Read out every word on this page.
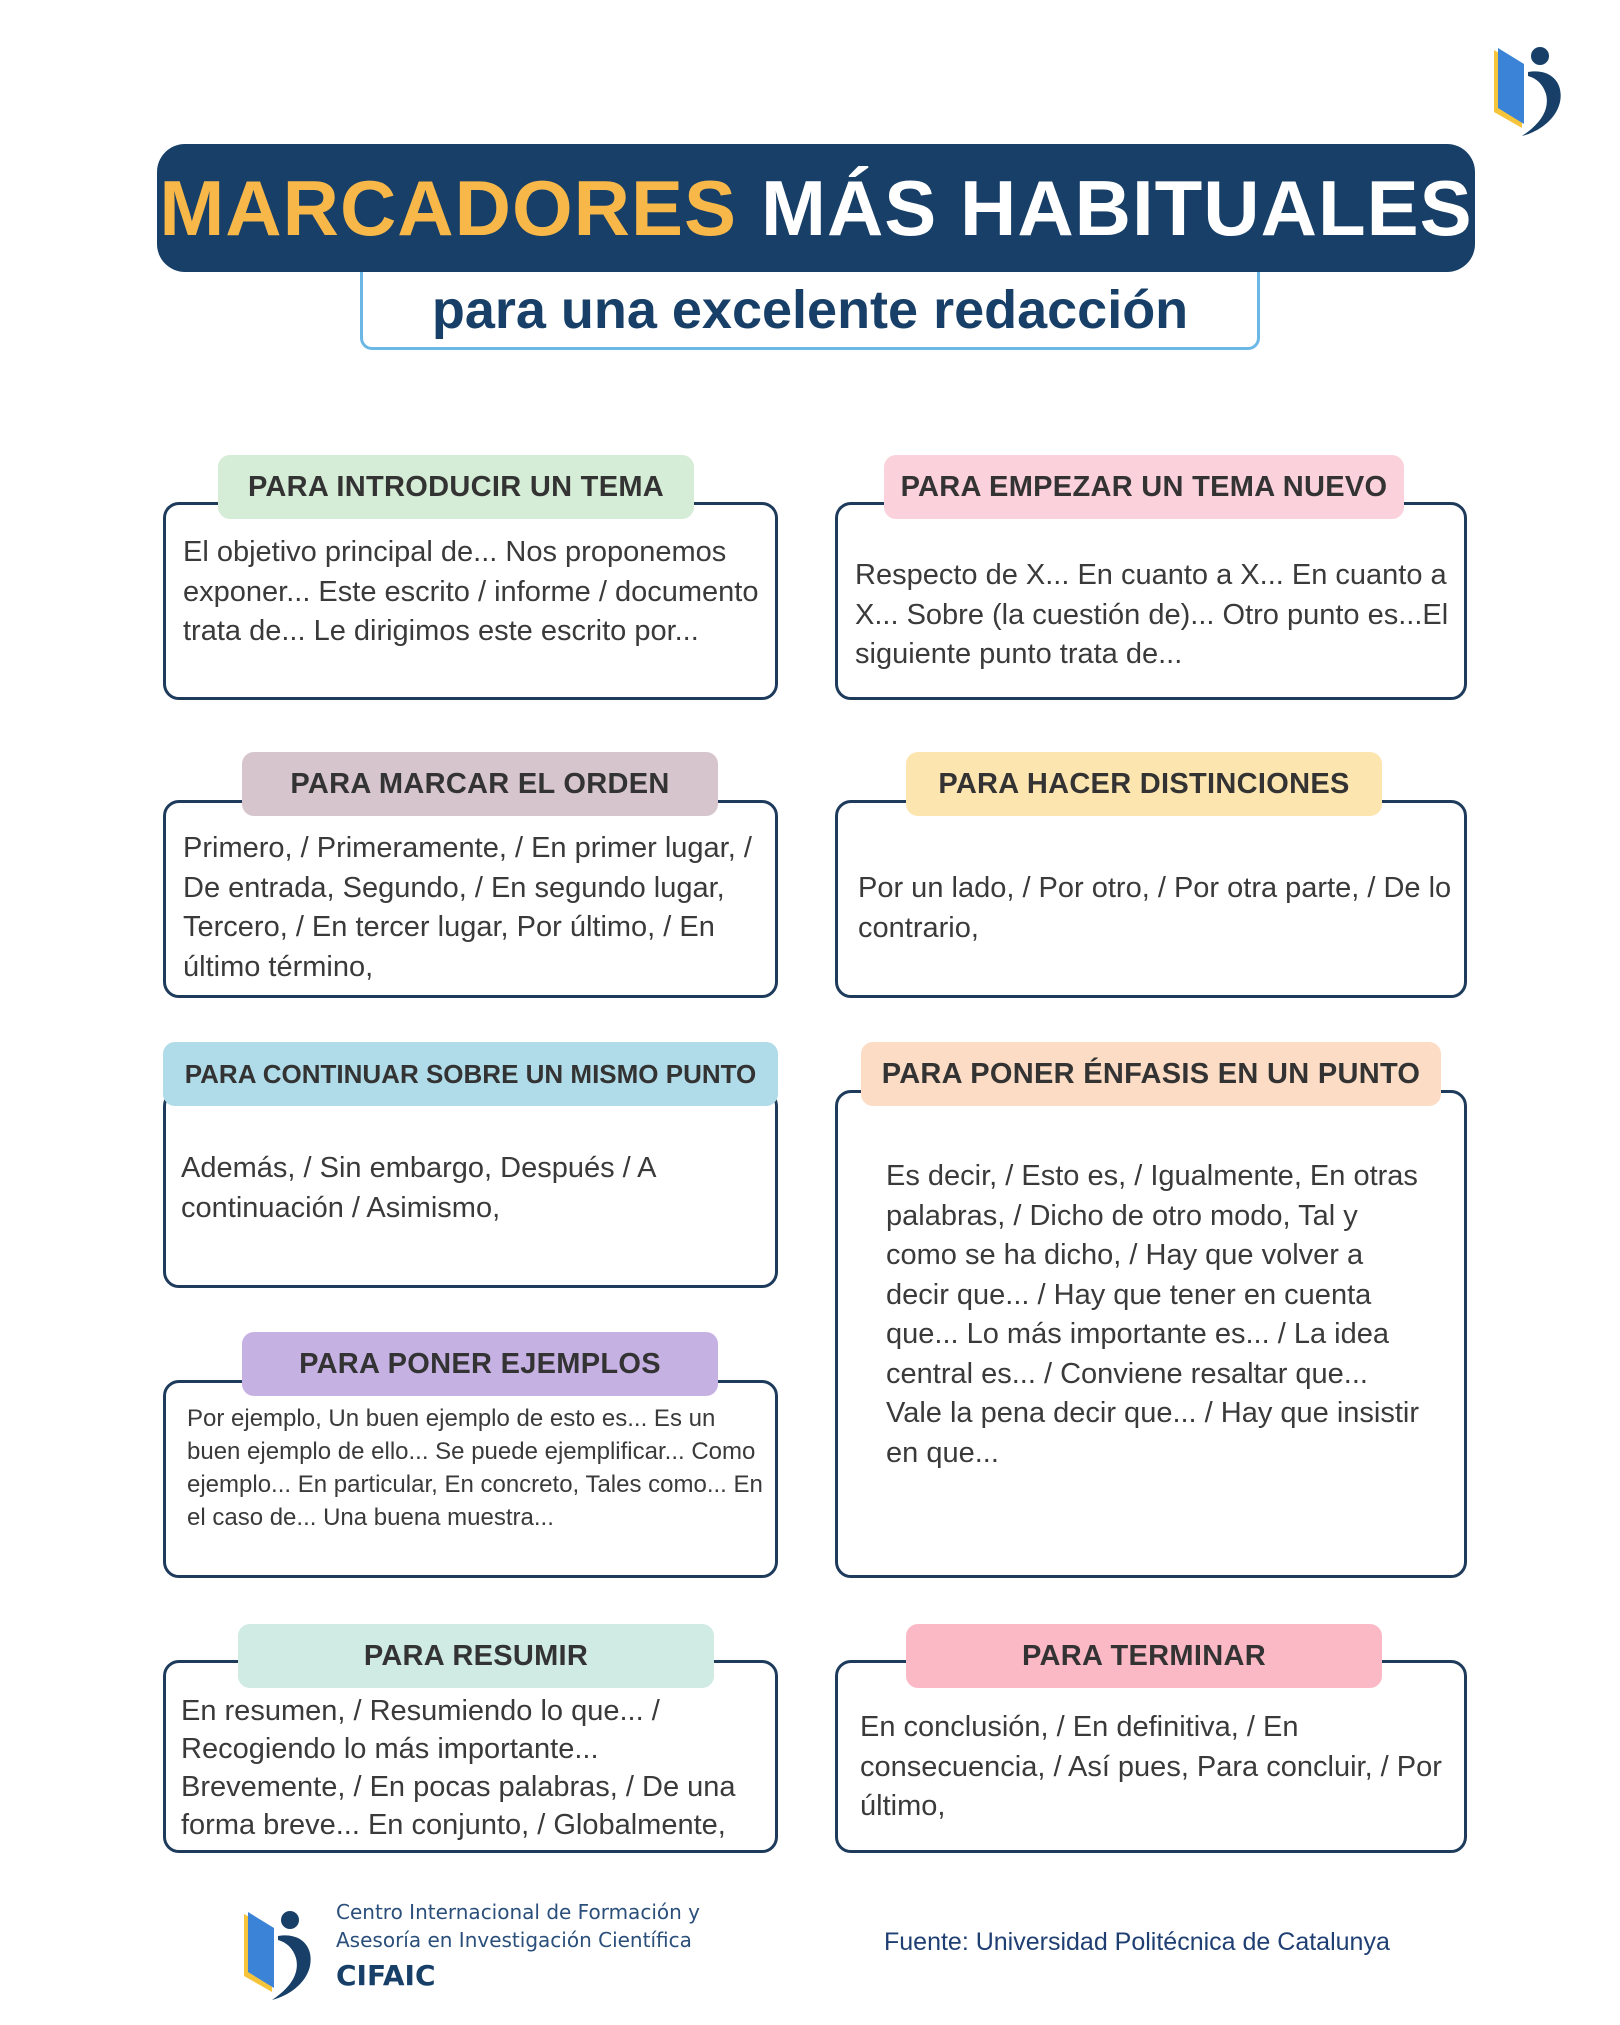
MARCADORES MÁS HABITUALES
para una excelente redacción
El objetivo principal de... Nos proponemos exponer... Este escrito / informe / documento trata de... Le dirigimos este escrito por...
PARA INTRODUCIR UN TEMA
Respecto de X... En cuanto a X... En cuanto a X... Sobre (la cuestión de)... Otro punto es...El siguiente punto trata de...
PARA EMPEZAR UN TEMA NUEVO
Primero, / Primeramente, / En primer lugar, / De entrada, Segundo, / En segundo lugar, Tercero, / En tercer lugar, Por último, / En último término,
PARA MARCAR EL ORDEN
Por un lado, / Por otro, / Por otra parte, / De lo contrario,
PARA HACER DISTINCIONES
Además, / Sin embargo, Después / A continuación / Asimismo,
PARA CONTINUAR SOBRE UN MISMO PUNTO
Es decir, / Esto es, / Igualmente, En otras palabras, / Dicho de otro modo, Tal y como se ha dicho, / Hay que volver a decir que... / Hay que tener en cuenta que... Lo más importante es... / La idea central es... / Conviene resaltar que... Vale la pena decir que... / Hay que insistir en que...
PARA PONER ÉNFASIS EN UN PUNTO
Por ejemplo, Un buen ejemplo de esto es... Es un buen ejemplo de ello... Se puede ejemplificar... Como ejemplo... En particular, En concreto, Tales como... En el caso de... Una buena muestra...
PARA PONER EJEMPLOS
En resumen, / Resumiendo lo que... / Recogiendo lo más importante... Brevemente, / En pocas palabras, / De una forma breve... En conjunto, / Globalmente,
PARA RESUMIR
En conclusión, / En definitiva, / En consecuencia, / Así pues, Para concluir, / Por último,
PARA TERMINAR
Centro Internacional de Formación y
Asesoría en Investigación Científica
CIFAIC
Fuente: Universidad Politécnica de Catalunya
